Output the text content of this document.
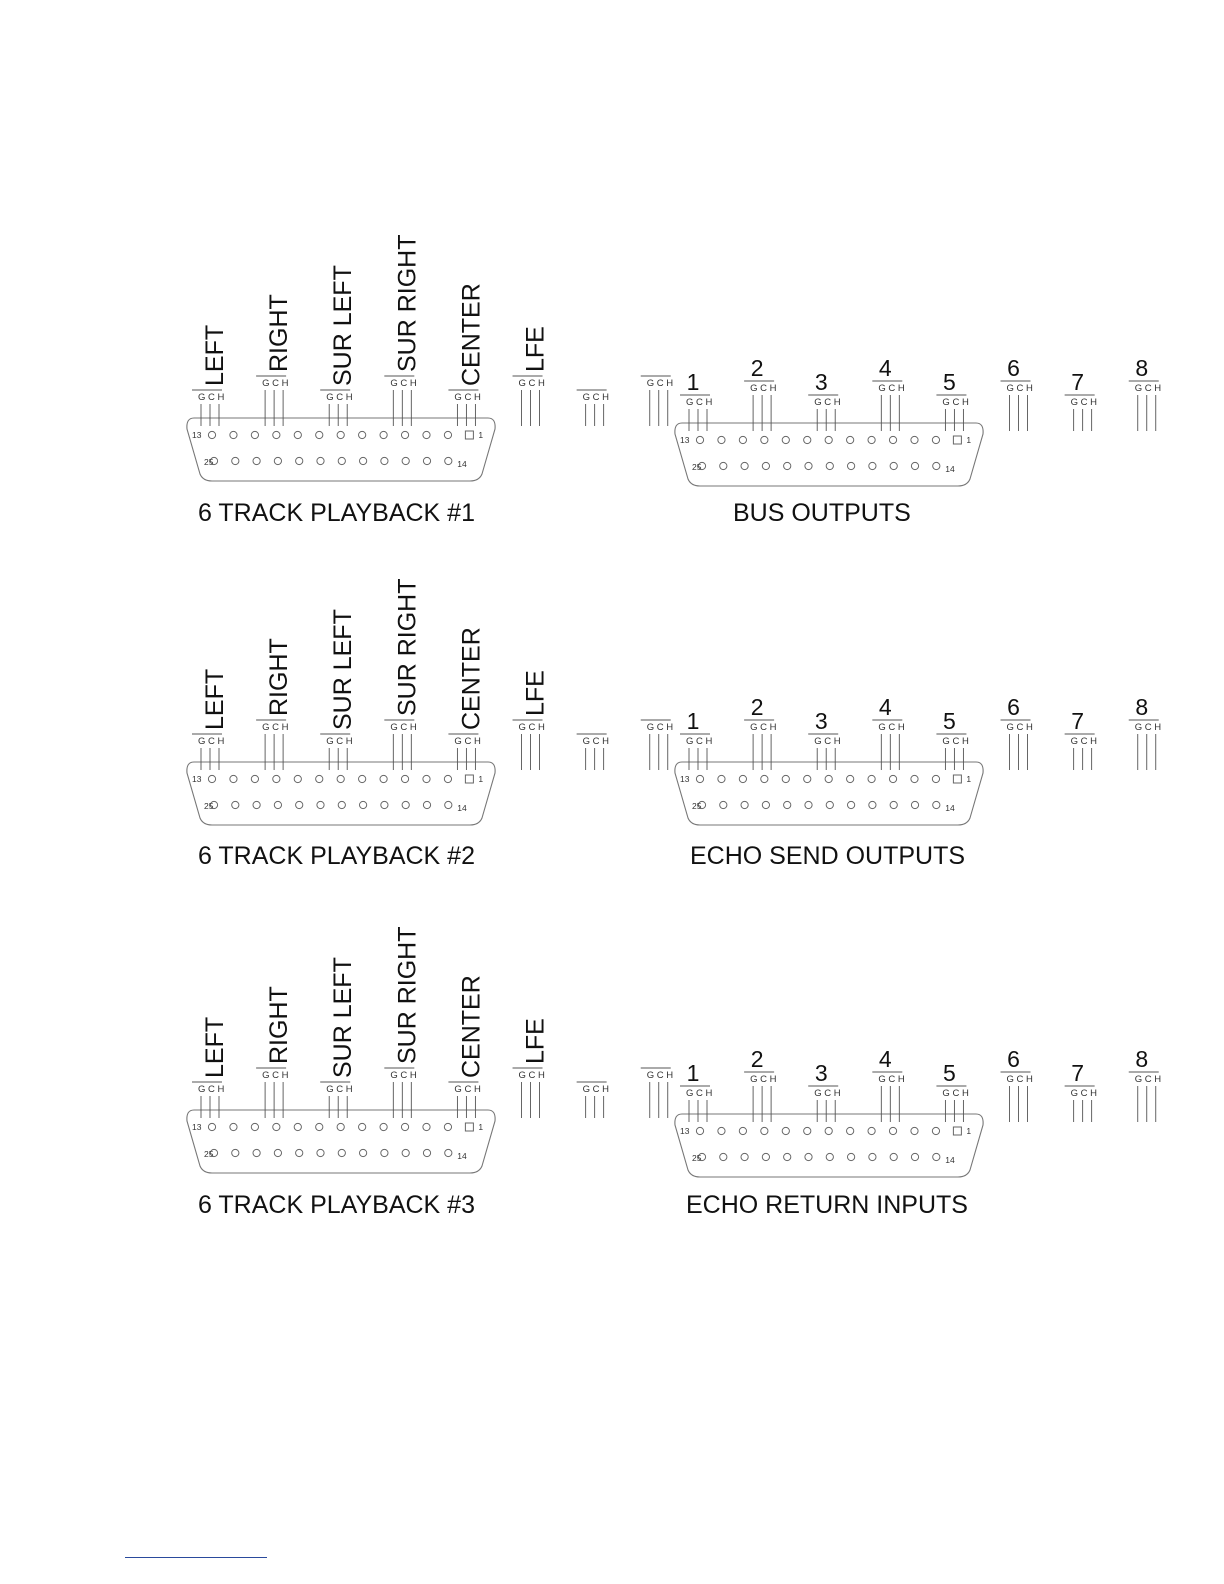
13
25
1
14
G C H
LEFT	G C H
RIGHT
G C H
SUR LEFT	G C H
SUR RIGHT
G C H
CENTER	G C H
LFE
G C H
G C H
6 TRACK PLAYBACK #1
13
25
1
14
G C H
1	G C H
2
G C H
3	G C H
4
G C H
5	G C H
6
G C H
7	G C H
8
BUS OUTPUTS
13
25
1
14
G C H
LEFT	G C H
RIGHT
G C H
SUR LEFT	G C H
SUR RIGHT
G C H
CENTER	G C H
LFE
G C H
G C H
6 TRACK PLAYBACK #2
13
25
1
14
G C H
1	G C H
2
G C H
3	G C H
4
G C H
5	G C H
6
G C H
7	G C H
8
ECHO SEND OUTPUTS
13
25
1
14
G C H
LEFT	G C H
RIGHT
G C H
SUR LEFT	G C H
SUR RIGHT
G C H
CENTER	G C H
LFE
G C H
G C H
6 TRACK PLAYBACK #3
13
25
1
14
G C H
1	G C H
2
G C H
3	G C H
4
G C H
5	G C H
6
G C H
7	G C H
8
ECHO RETURN INPUTS
